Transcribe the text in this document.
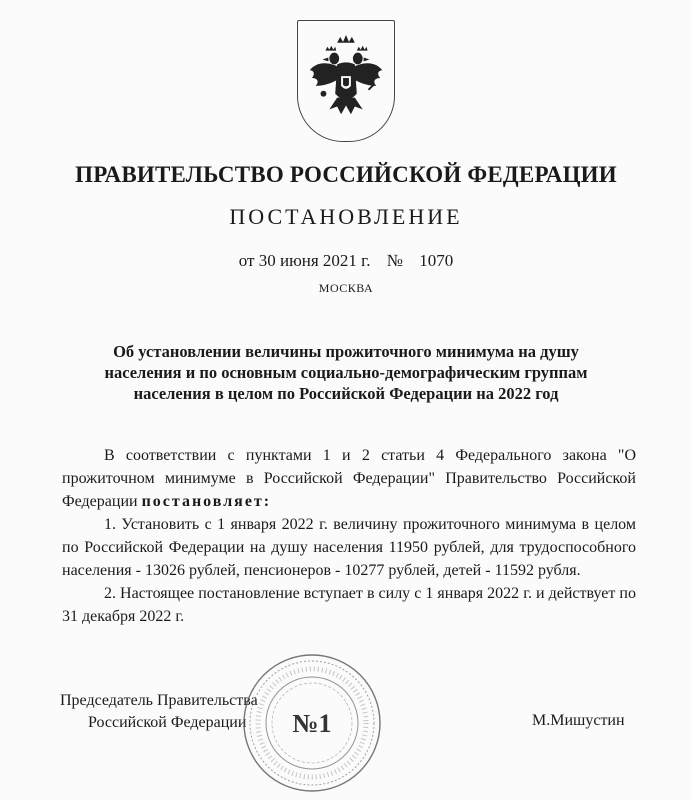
ПРАВИТЕЛЬСТВО РОССИЙСКОЙ ФЕДЕРАЦИИ
ПОСТАНОВЛЕНИЕ
от 30 июня 2021 г. № 1070
МОСКВА
Об установлении величины прожиточного минимума на душу
населения и по основным социально-демографическим группам
населения в целом по Российской Федерации на 2022 год

В соответствии с пунктами 1 и 2 статьи 4 Федерального закона "О прожиточном минимуме в Российской Федерации" Правительство Российской Федерации постановляет:

1. Установить с 1 января 2022 г. величину прожиточного минимума в целом по Российской Федерации на душу населения 11950 рублей, для трудоспособного населения - 13026 рублей, пенсионеров - 10277 рублей, детей - 11592 рубля.

2. Настоящее постановление вступает в силу с 1 января 2022 г. и действует по 31 декабря 2022 г.

Председатель Правительства
Российской Федерации	М.Мишустин
№1
